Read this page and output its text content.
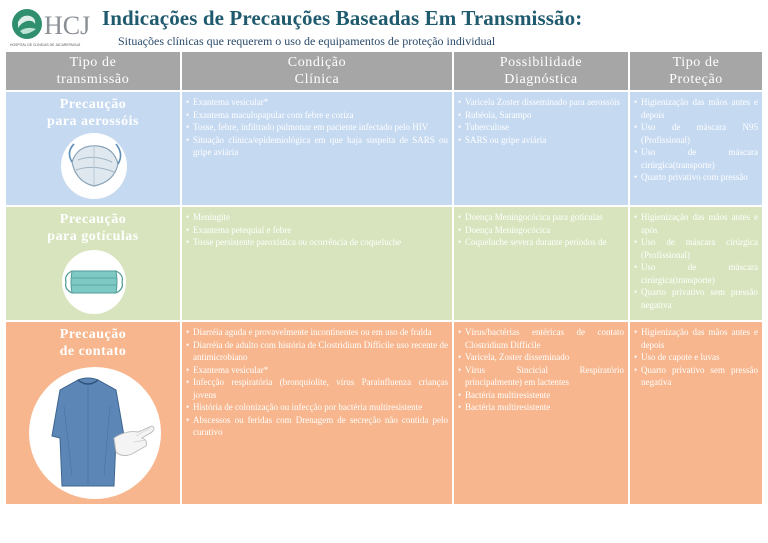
HCJ
HOSPITAL DE CLÍNICAS DE JACAREPAGUÁ
Indicações de Precauções Baseadas Em Transmissão:
Situações clínicas que requerem o uso de equipamentos de proteção individual
Tipo de
transmissão
Condição
Clínica
Possibilidade
Diagnóstica
Tipo de
Proteção
Precaução
para aerossóis
• Exantema vesicular*
• Exantema maculopapular com febre e coriza
• Tosse, febre, infiltrado pulmonar em paciente infectado pelo HIV
• Situação clínica/epidemiológica em que haja suspeita de SARS ou gripe aviária
• Varicela Zoster disseminado para aerossóis
• Rubéola, Sarampo
• Tuberculose
• SARS ou gripe aviária
• Higienização das mãos antes e depois
• Uso de máscara N95 (Profissional)
• Uso de máscara cirúrgica(transporte)
• Quarto privativo com pressão
Precaução
para gotículas
• Meningite
• Exantema petequial e febre
• Tosse persistente paroxística ou ocorrência de coqueluche
• Doença Meningocócica para gotículas
• Doença Meningocócica
• Coqueluche severa durante períodos de
• Higienização das mãos antes e após
• Uso de máscara cirúrgica (Profissional)
• Uso de máscara cirúrgica(transporte)
• Quarto privativo sem pressão negativa
Precaução
de contato
• Diarréia aguda e provavelmente incontinentes ou em uso de fralda
• Diarréia de adulto com história de Clostridium Difficile uso recente de antimicrobiano
• Exantema vesicular*
• Infecção respiratória (bronquiolite, vírus Parainfluenza crianças jovens
• História de colonização ou infecção por bactéria multiresistente
• Abscessos ou feridas com Drenagem de secreção não contida pelo curativo
• Vírus/bactérias entéricas de contato Clostridium Difficile
• Varicela, Zoster disseminado
• Vírus Sincicial Respiratório principalmente) em lactentes
• Bactéria multiresistente
• Bactéria multiresistente
• Higienização das mãos antes e depois
• Uso de capote e luvas
• Quarto privativo sem pressão negativa
